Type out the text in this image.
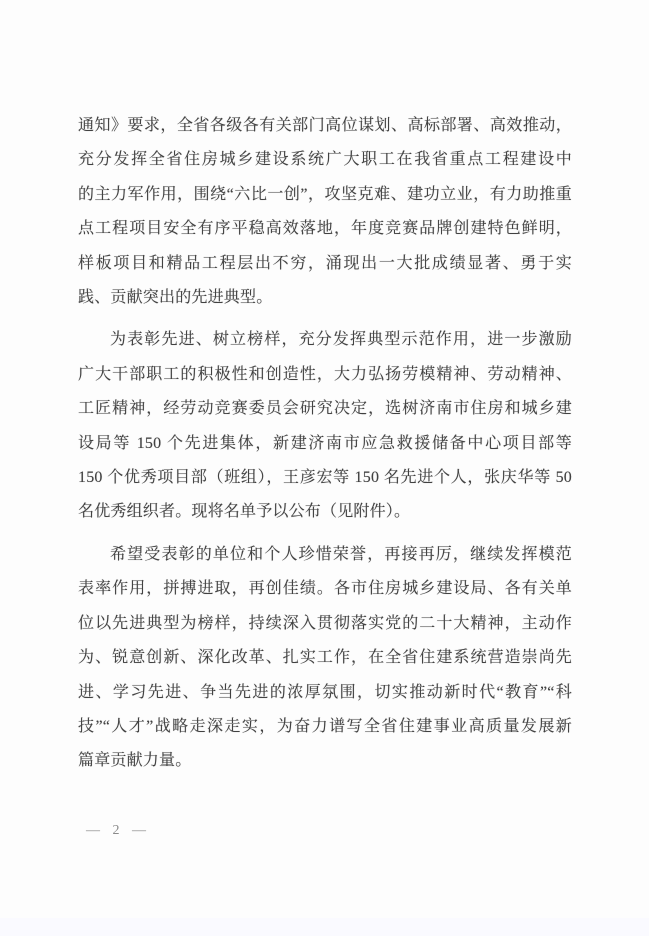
通知》要求，全省各级各有关部门高位谋划、高标部署、高效推动，
充分发挥全省住房城乡建设系统广大职工在我省重点工程建设中
的主力军作用，围绕“六比一创”，攻坚克难、建功立业，有力助推重
点工程项目安全有序平稳高效落地，年度竞赛品牌创建特色鲜明，
样板项目和精品工程层出不穷，涌现出一大批成绩显著、勇于实
践、贡献突出的先进典型。
为表彰先进、树立榜样，充分发挥典型示范作用，进一步激励
广大干部职工的积极性和创造性，大力弘扬劳模精神、劳动精神、
工匠精神，经劳动竞赛委员会研究决定，选树济南市住房和城乡建
设局等 150 个先进集体，新建济南市应急救援储备中心项目部等
150 个优秀项目部（班组），王彦宏等 150 名先进个人，张庆华等 50
名优秀组织者。现将名单予以公布（见附件）。
希望受表彰的单位和个人珍惜荣誉，再接再厉，继续发挥模范
表率作用，拼搏进取，再创佳绩。各市住房城乡建设局、各有关单
位以先进典型为榜样，持续深入贯彻落实党的二十大精神，主动作
为、锐意创新、深化改革、扎实工作，在全省住建系统营造崇尚先
进、学习先进、争当先进的浓厚氛围，切实推动新时代“教育”“科
技”“人才”战略走深走实，为奋力谱写全省住建事业高质量发展新
篇章贡献力量。
— 2 —
